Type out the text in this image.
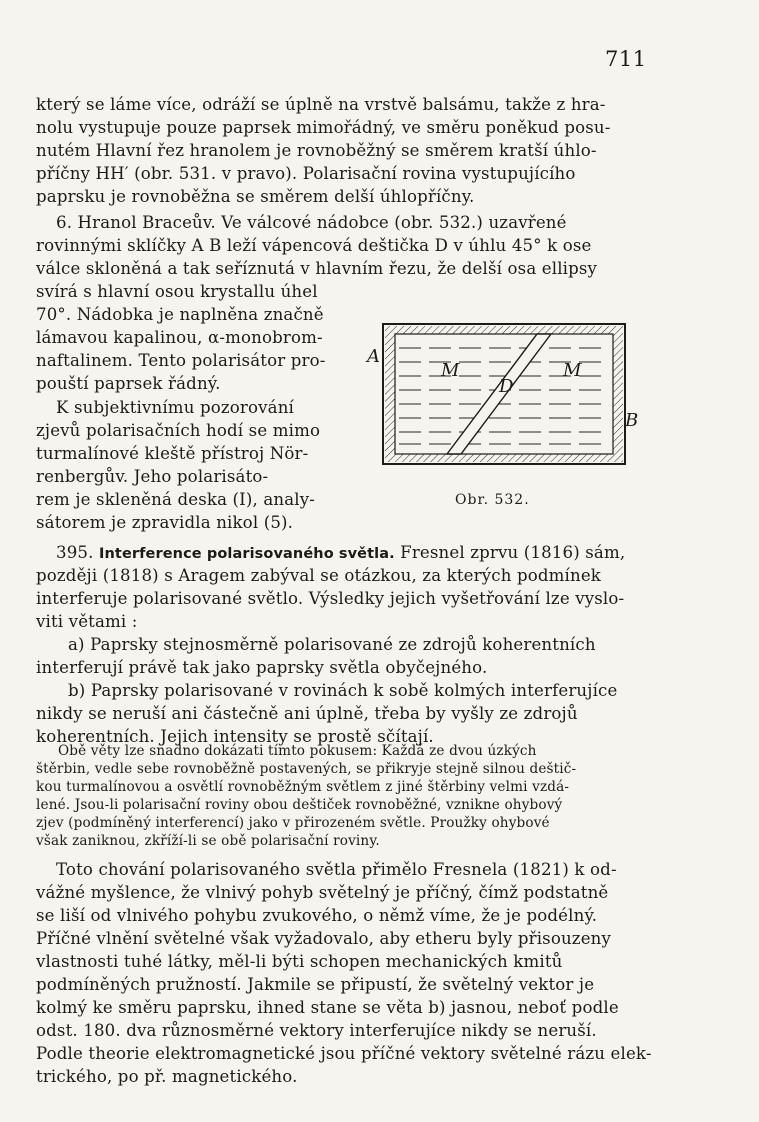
711
který se láme více, odráží se úplně na vrstvě balsámu, takže z hra-
nolu vystupuje pouze paprsek mimořádný, ve směru poněkud posu-
nutém Hlavní řez hranolem je rovnoběžný se směrem kratší úhlo-
příčny HH′ (obr. 531. v pravo). Polarisační rovina vystupujícího
paprsku je rovnoběžna se směrem delší úhlopříčny.
6. Hranol Braceův. Ve válcové nádobce (obr. 532.) uzavřené
rovinnými sklíčky A B leží vápencová deštička D v úhlu 45° k ose
válce skloněná a tak seříznutá v hlavním řezu, že delší osa ellipsy
svírá s hlavní osou krystallu úhel
70°. Nádobka je naplněna značně
lámavou kapalinou, α-monobrom-
naftalinem. Tento polarisátor pro-
pouští paprsek řádný.
K subjektivnímu pozorování
zjevů polarisačních hodí se mimo
turmalínové kleště přístroj Nör-
renbergův. Jeho polarisáto-
rem je skleněná deska (I), analy-
sátorem je zpravidla nikol (5).
A
B
M	M
D
Obr. 532.
395. Interference polarisovaného světla. Fresnel zprvu (1816) sám,
později (1818) s Aragem zabýval se otázkou, za kterých podmínek
interferuje polarisované světlo. Výsledky jejich vyšetřování lze vyslo-
viti větami :
a) Paprsky stejnosměrně polarisované ze zdrojů koherentních
interferují právě tak jako paprsky světla obyčejného.
b) Paprsky polarisované v rovinách k sobě kolmých interferujíce
nikdy se neruší ani částečně ani úplně, třeba by vyšly ze zdrojů
koherentních. Jejich intensity se prostě sčítají.
Obě věty lze snadno dokázati tímto pokusem: Každá ze dvou úzkých
štěrbin, vedle sebe rovnoběžně postavených, se přikryje stejně silnou deštič-
kou turmalínovou a osvětlí rovnoběžným světlem z jiné štěrbiny velmi vzdá-
lené. Jsou-li polarisační roviny obou deštiček rovnoběžné, vznikne ohybový
zjev (podmíněný interferencí) jako v přirozeném světle. Proužky ohybové
však zaniknou, zkříží-li se obě polarisační roviny.
Toto chování polarisovaného světla přimělo Fresnela (1821) k od-
vážné myšlence, že vlnivý pohyb světelný je příčný, čímž podstatně
se liší od vlnivého pohybu zvukového, o němž víme, že je podélný.
Příčné vlnění světelné však vyžadovalo, aby etheru byly přisouzeny
vlastnosti tuhé látky, měl-li býti schopen mechanických kmitů
podmíněných pružností. Jakmile se připustí, že světelný vektor je
kolmý ke směru paprsku, ihned stane se věta b) jasnou, neboť podle
odst. 180. dva různosměrné vektory interferujíce nikdy se neruší.
Podle theorie elektromagnetické jsou příčné vektory světelné rázu elek-
trického, po př. magnetického.
